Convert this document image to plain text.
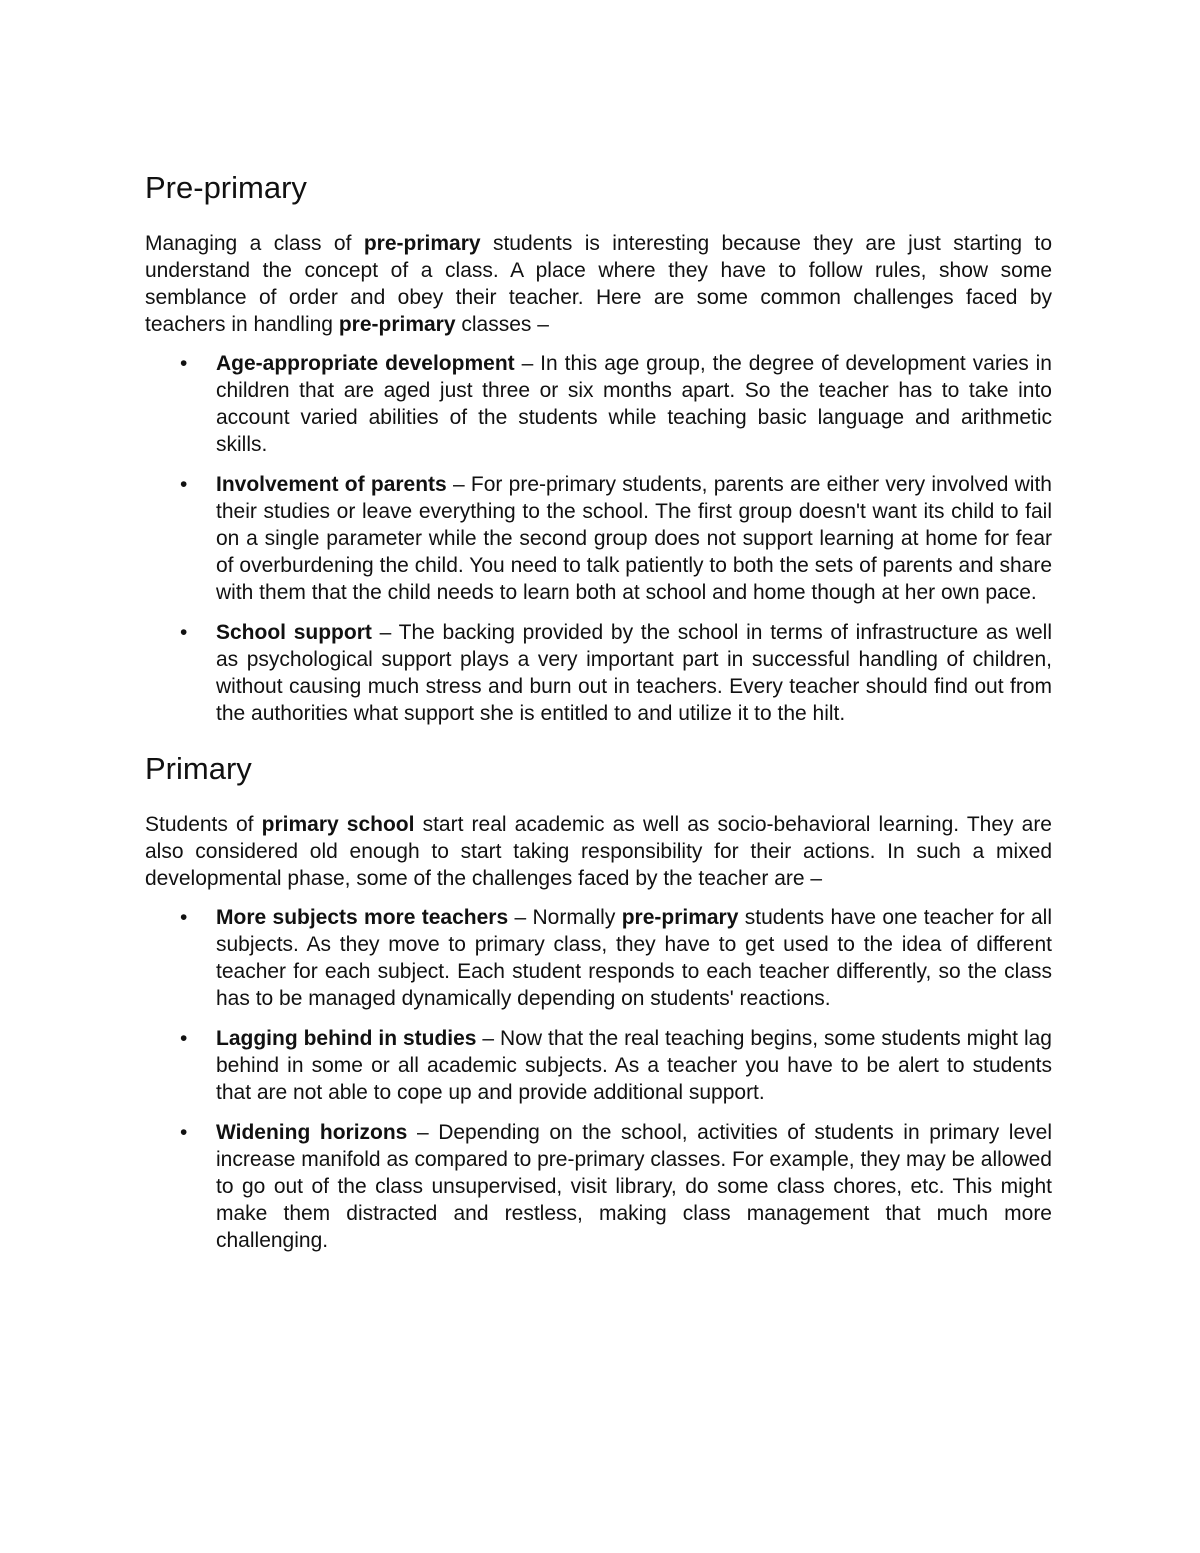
Pre-primary

Managing a class of pre-primary students is interesting because they are just starting to understand the concept of a class. A place where they have to follow rules, show some semblance of order and obey their teacher. Here are some common challenges faced by teachers in handling pre-primary classes –

•	Age-appropriate development – In this age group, the degree of development varies in children that are aged just three or six months apart. So the teacher has to take into account varied abilities of the students while teaching basic language and arithmetic skills.
•	Involvement of parents – For pre-primary students, parents are either very involved with their studies or leave everything to the school. The first group doesn't want its child to fail on a single parameter while the second group does not support learning at home for fear of overburdening the child. You need to talk patiently to both the sets of parents and share with them that the child needs to learn both at school and home though at her own pace.
•	School support – The backing provided by the school in terms of infrastructure as well as psychological support plays a very important part in successful handling of children, without causing much stress and burn out in teachers. Every teacher should find out from the authorities what support she is entitled to and utilize it to the hilt.
Primary

Students of primary school start real academic as well as socio-behavioral learning. They are also considered old enough to start taking responsibility for their actions. In such a mixed developmental phase, some of the challenges faced by the teacher are –

•	More subjects more teachers – Normally pre-primary students have one teacher for all subjects. As they move to primary class, they have to get used to the idea of different teacher for each subject. Each student responds to each teacher differently, so the class has to be managed dynamically depending on students' reactions.
•	Lagging behind in studies – Now that the real teaching begins, some students might lag behind in some or all academic subjects. As a teacher you have to be alert to students that are not able to cope up and provide additional support.
•	Widening horizons – Depending on the school, activities of students in primary level increase manifold as compared to pre-primary classes. For example, they may be allowed to go out of the class unsupervised, visit library, do some class chores, etc. This might make them distracted and restless, making class management that much more challenging.
